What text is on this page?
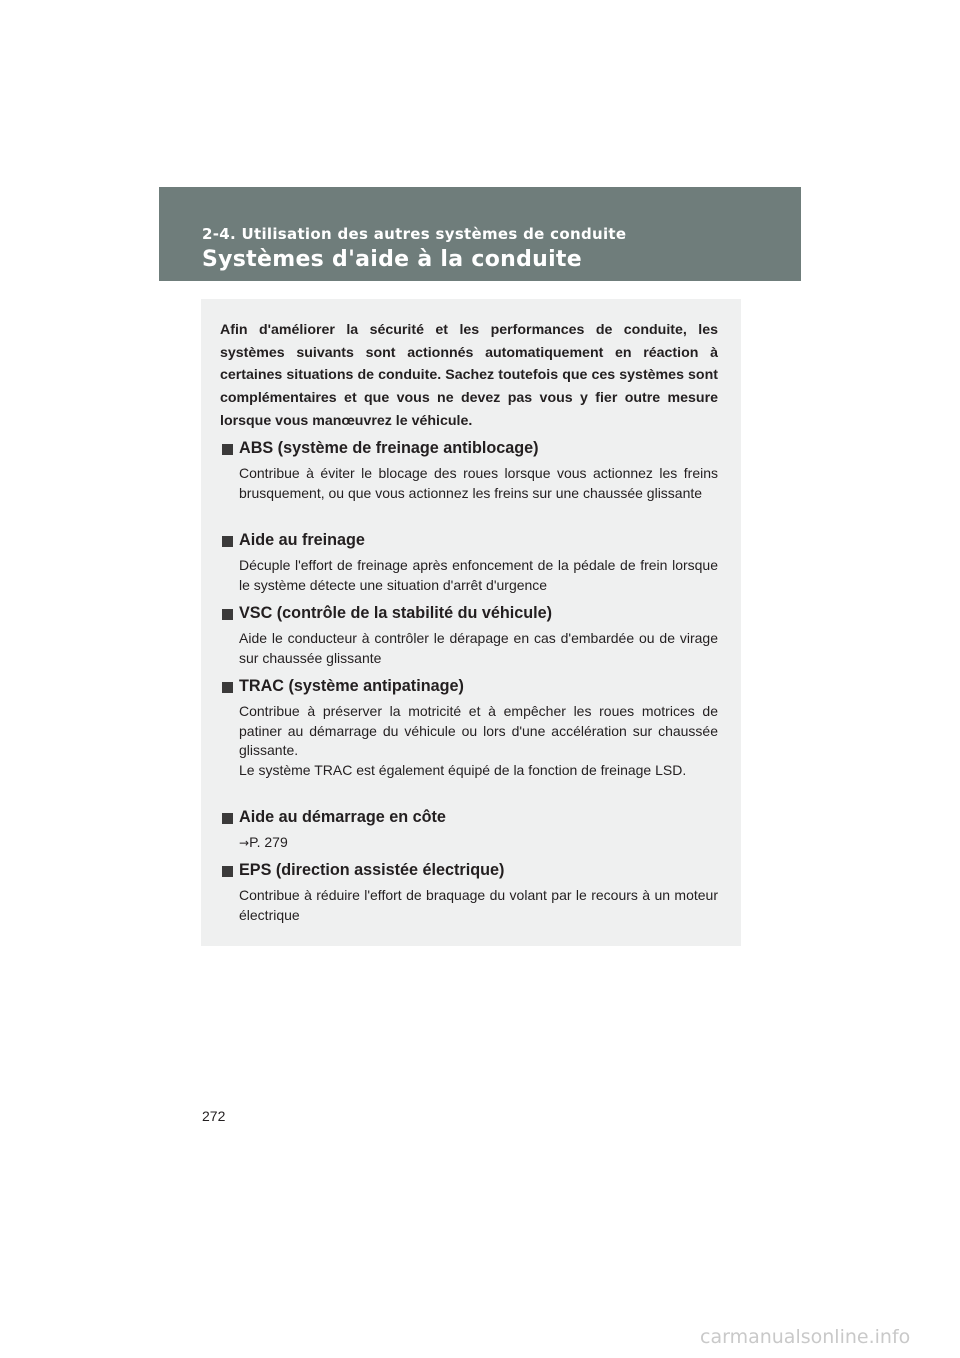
2-4. Utilisation des autres systèmes de conduite
Systèmes d'aide à la conduite
Afin d'améliorer la sécurité et les performances de conduite, les systèmes suivants sont actionnés automatiquement en réaction à certaines situations de conduite. Sachez toutefois que ces systèmes sont complémentaires et que vous ne devez pas vous y fier outre mesure lorsque vous manœuvrez le véhicule.
ABS (système de freinage antiblocage)
Contribue à éviter le blocage des roues lorsque vous actionnez les freins brusquement, ou que vous actionnez les freins sur une chaussée glissante
Aide au freinage
Décuple l'effort de freinage après enfoncement de la pédale de frein lorsque le système détecte une situation d'arrêt d'urgence
VSC (contrôle de la stabilité du véhicule)
Aide le conducteur à contrôler le dérapage en cas d'embardée ou de virage sur chaussée glissante
TRAC (système antipatinage)
Contribue à préserver la motricité et à empêcher les roues motrices de patiner au démarrage du véhicule ou lors d'une accélération sur chaussée glissante.
Le système TRAC est également équipé de la fonction de freinage LSD.
Aide au démarrage en côte
→P. 279
EPS (direction assistée électrique)
Contribue à réduire l'effort de braquage du volant par le recours à un moteur électrique
272
carmanualsonline.info
